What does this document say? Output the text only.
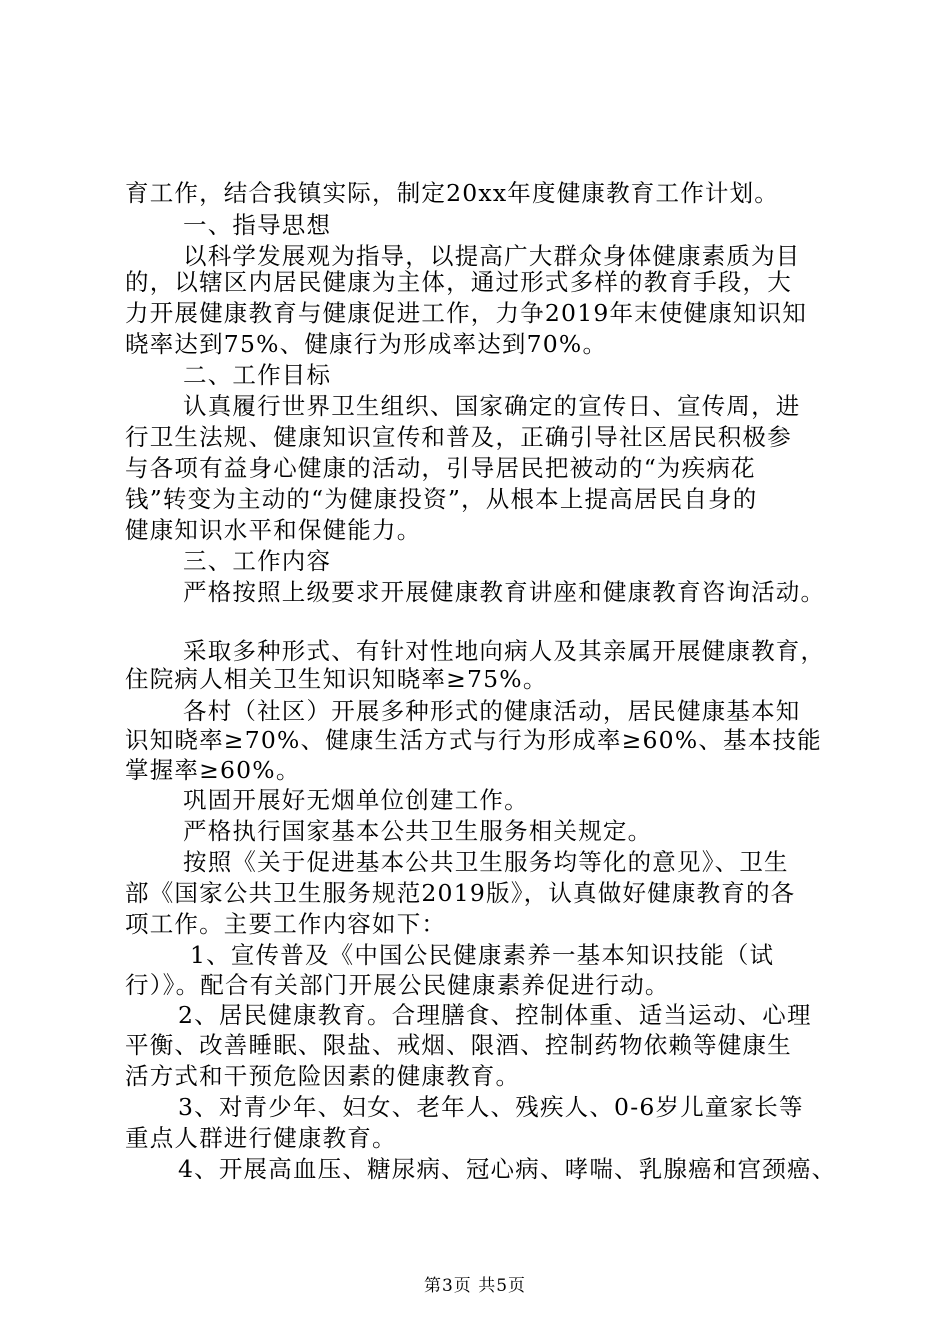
育工作，结合我镇实际，制定20xx年度健康教育工作计划。
一、指导思想
以科学发展观为指导，以提高广大群众身体健康素质为目
的，以辖区内居民健康为主体，通过形式多样的教育手段，大
力开展健康教育与健康促进工作，力争2019年末使健康知识知
晓率达到75%、健康行为形成率达到70%。
二、工作目标
认真履行世界卫生组织、国家确定的宣传日、宣传周，进
行卫生法规、健康知识宣传和普及，正确引导社区居民积极参
与各项有益身心健康的活动，引导居民把被动的“为疾病花
钱”转变为主动的“为健康投资”，从根本上提高居民自身的
健康知识水平和保健能力。
三、工作内容
严格按照上级要求开展健康教育讲座和健康教育咨询活动。
采取多种形式、有针对性地向病人及其亲属开展健康教育，
住院病人相关卫生知识知晓率≥75%。
各村（社区）开展多种形式的健康活动，居民健康基本知
识知晓率≥70%、健康生活方式与行为形成率≥60%、基本技能
掌握率≥60%。
巩固开展好无烟单位创建工作。
严格执行国家基本公共卫生服务相关规定。
按照《关于促进基本公共卫生服务均等化的意见》、卫生
部《国家公共卫生服务规范2019版》，认真做好健康教育的各
项工作。主要工作内容如下：
1、宣传普及《中国公民健康素养一基本知识技能（试
行）》。配合有关部门开展公民健康素养促进行动。
2、居民健康教育。合理膳食、控制体重、适当运动、心理
平衡、改善睡眠、限盐、戒烟、限酒、控制药物依赖等健康生
活方式和干预危险因素的健康教育。
3、对青少年、妇女、老年人、残疾人、0-6岁儿童家长等
重点人群进行健康教育。
4、开展高血压、糖尿病、冠心病、哮喘、乳腺癌和宫颈癌、
第3页 共5页
